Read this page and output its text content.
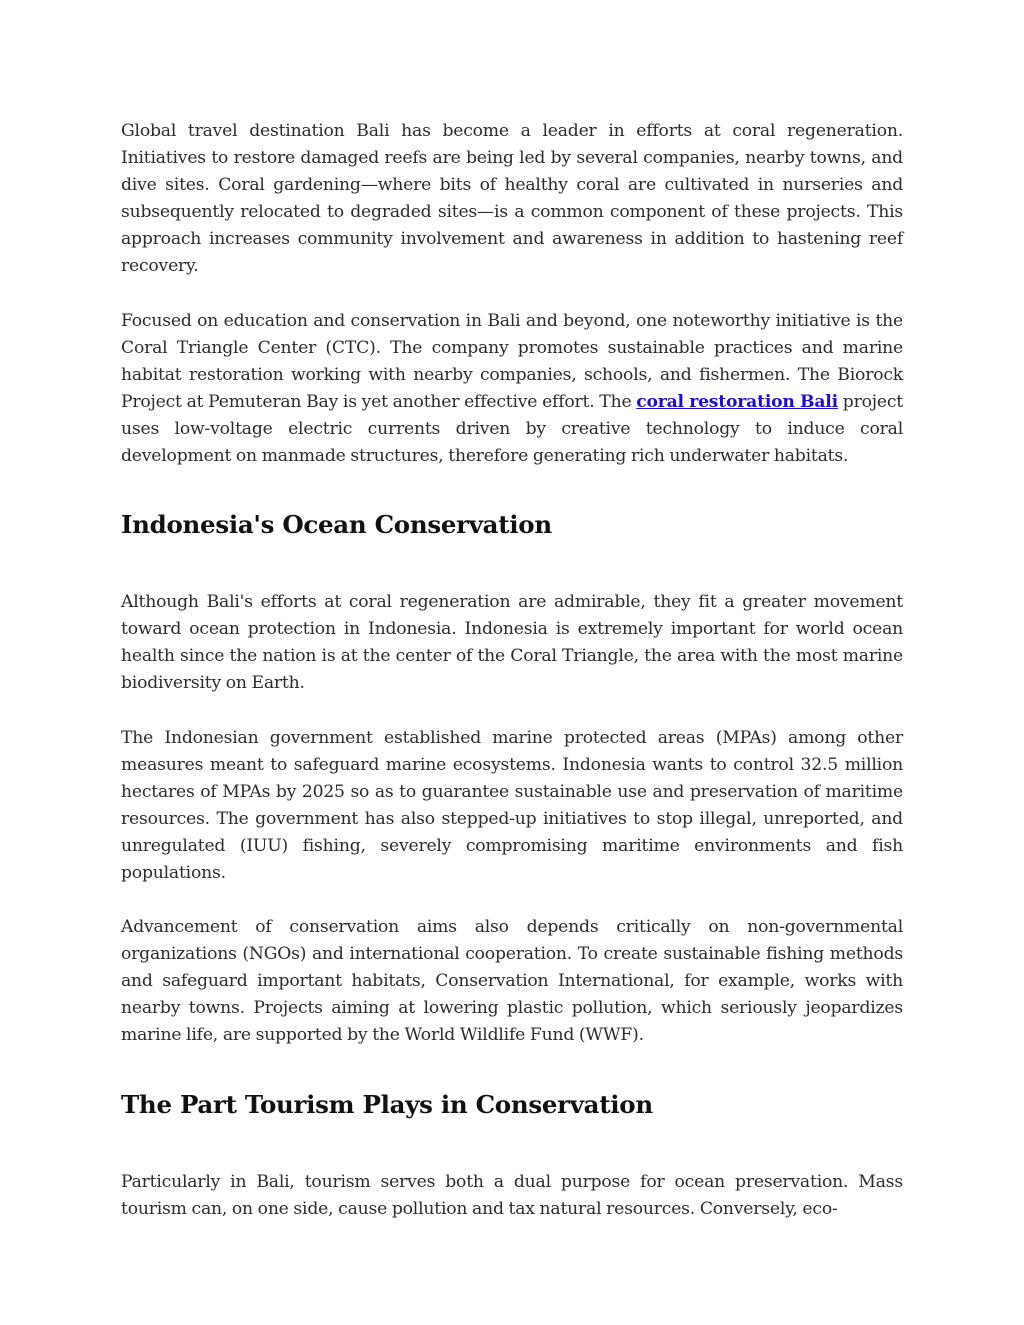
Global travel destination Bali has become a leader in efforts at coral regeneration. Initiatives to restore damaged reefs are being led by several companies, nearby towns, and dive sites. Coral gardening—where bits of healthy coral are cultivated in nurseries and subsequently relocated to degraded sites—is a common component of these projects. This approach increases community involvement and awareness in addition to hastening reef recovery.

Focused on education and conservation in Bali and beyond, one noteworthy initiative is the Coral Triangle Center (CTC). The company promotes sustainable practices and marine habitat restoration working with nearby companies, schools, and fishermen. The Biorock Project at Pemuteran Bay is yet another effective effort. The coral restoration Bali project uses low-voltage electric currents driven by creative technology to induce coral development on manmade structures, therefore generating rich underwater habitats.

Indonesia's Ocean Conservation

Although Bali's efforts at coral regeneration are admirable, they fit a greater movement toward ocean protection in Indonesia. Indonesia is extremely important for world ocean health since the nation is at the center of the Coral Triangle, the area with the most marine biodiversity on Earth.

The Indonesian government established marine protected areas (MPAs) among other measures meant to safeguard marine ecosystems. Indonesia wants to control 32.5 million hectares of MPAs by 2025 so as to guarantee sustainable use and preservation of maritime resources. The government has also stepped-up initiatives to stop illegal, unreported, and unregulated (IUU) fishing, severely compromising maritime environments and fish populations.

Advancement of conservation aims also depends critically on non-governmental organizations (NGOs) and international cooperation. To create sustainable fishing methods and safeguard important habitats, Conservation International, for example, works with nearby towns. Projects aiming at lowering plastic pollution, which seriously jeopardizes marine life, are supported by the World Wildlife Fund (WWF).

The Part Tourism Plays in Conservation

Particularly in Bali, tourism serves both a dual purpose for ocean preservation. Mass tourism can, on one side, cause pollution and tax natural resources. Conversely, eco-
